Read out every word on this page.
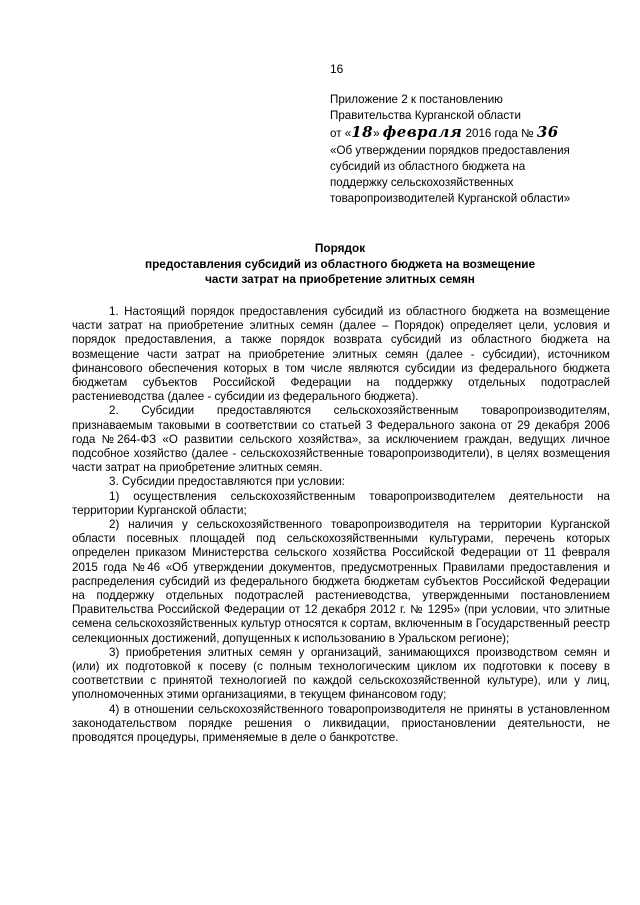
16
Приложение 2 к постановлению
Правительства Курганской области
от «18» февраля 2016 года № 36
«Об утверждении порядков предоставления
субсидий из областного бюджета на
поддержку сельскохозяйственных
товаропроизводителей Курганской области»
Порядок
предоставления субсидий из областного бюджета на возмещение
части затрат на приобретение элитных семян

1. Настоящий порядок предоставления субсидий из областного бюджета на возмещение части затрат на приобретение элитных семян (далее – Порядок) определяет цели, условия и порядок предоставления, а также порядок возврата субсидий из областного бюджета на возмещение части затрат на приобретение элитных семян (далее - субсидии), источником финансового обеспечения которых в том числе являются субсидии из федерального бюджета бюджетам субъектов Российской Федерации на поддержку отдельных подотраслей растениеводства (далее - субсидии из федерального бюджета).

2. Субсидии предоставляются сельскохозяйственным товаропроизводителям, признаваемым таковыми в соответствии со статьей 3 Федерального закона от 29 декабря 2006 года №264-ФЗ «О развитии сельского хозяйства», за исключением граждан, ведущих личное подсобное хозяйство (далее - сельскохозяйственные товаропроизводители), в целях возмещения части затрат на приобретение элитных семян.

3. Субсидии предоставляются при условии:

1) осуществления сельскохозяйственным товаропроизводителем деятельности на территории Курганской области;

2) наличия у сельскохозяйственного товаропроизводителя на территории Курганской области посевных площадей под сельскохозяйственными культурами, перечень которых определен приказом Министерства сельского хозяйства Российской Федерации от 11 февраля 2015 года №46 «Об утверждении документов, предусмотренных Правилами предоставления и распределения субсидий из федерального бюджета бюджетам субъектов Российской Федерации на поддержку отдельных подотраслей растениеводства, утвержденными постановлением Правительства Российской Федерации от 12 декабря 2012 г. № 1295» (при условии, что элитные семена сельскохозяйственных культур относятся к сортам, включенным в Государственный реестр селекционных достижений, допущенных к использованию в Уральском регионе);

3) приобретения элитных семян у организаций, занимающихся производством семян и (или) их подготовкой к посеву (с полным технологическим циклом их подготовки к посеву в соответствии с принятой технологией по каждой сельскохозяйственной культуре), или у лиц, уполномоченных этими организациями, в текущем финансовом году;

4) в отношении сельскохозяйственного товаропроизводителя не приняты в установленном законодательством порядке решения о ликвидации, приостановлении деятельности, не проводятся процедуры, применяемые в деле о банкротстве.
